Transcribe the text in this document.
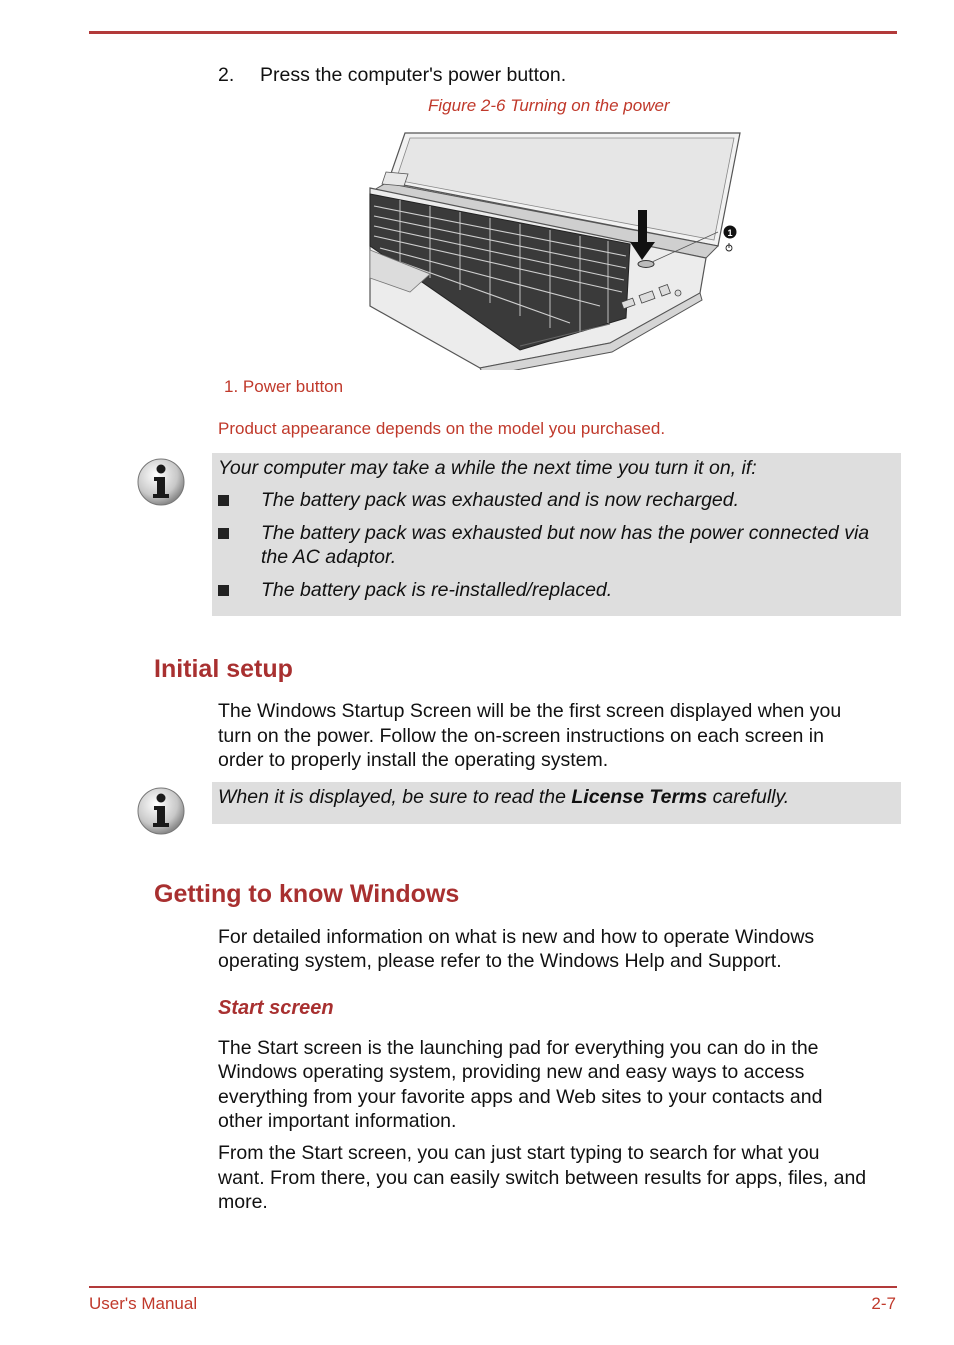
2. Press the computer's power button.
Figure 2-6 Turning on the power
1
1. Power button
Product appearance depends on the model you purchased.
Your computer may take a while the next time you turn it on, if:
The battery pack was exhausted and is now recharged.
The battery pack was exhausted but now has the power connected via
the AC adaptor.
The battery pack is re-installed/replaced.
Initial setup
The Windows Startup Screen will be the first screen displayed when you
turn on the power. Follow the on-screen instructions on each screen in
order to properly install the operating system.
When it is displayed, be sure to read the License Terms carefully.
Getting to know Windows
For detailed information on what is new and how to operate Windows
operating system, please refer to the Windows Help and Support.
Start screen
The Start screen is the launching pad for everything you can do in the
Windows operating system, providing new and easy ways to access
everything from your favorite apps and Web sites to your contacts and
other important information.
From the Start screen, you can just start typing to search for what you
want. From there, you can easily switch between results for apps, files, and
more.
User's Manual	2-7
